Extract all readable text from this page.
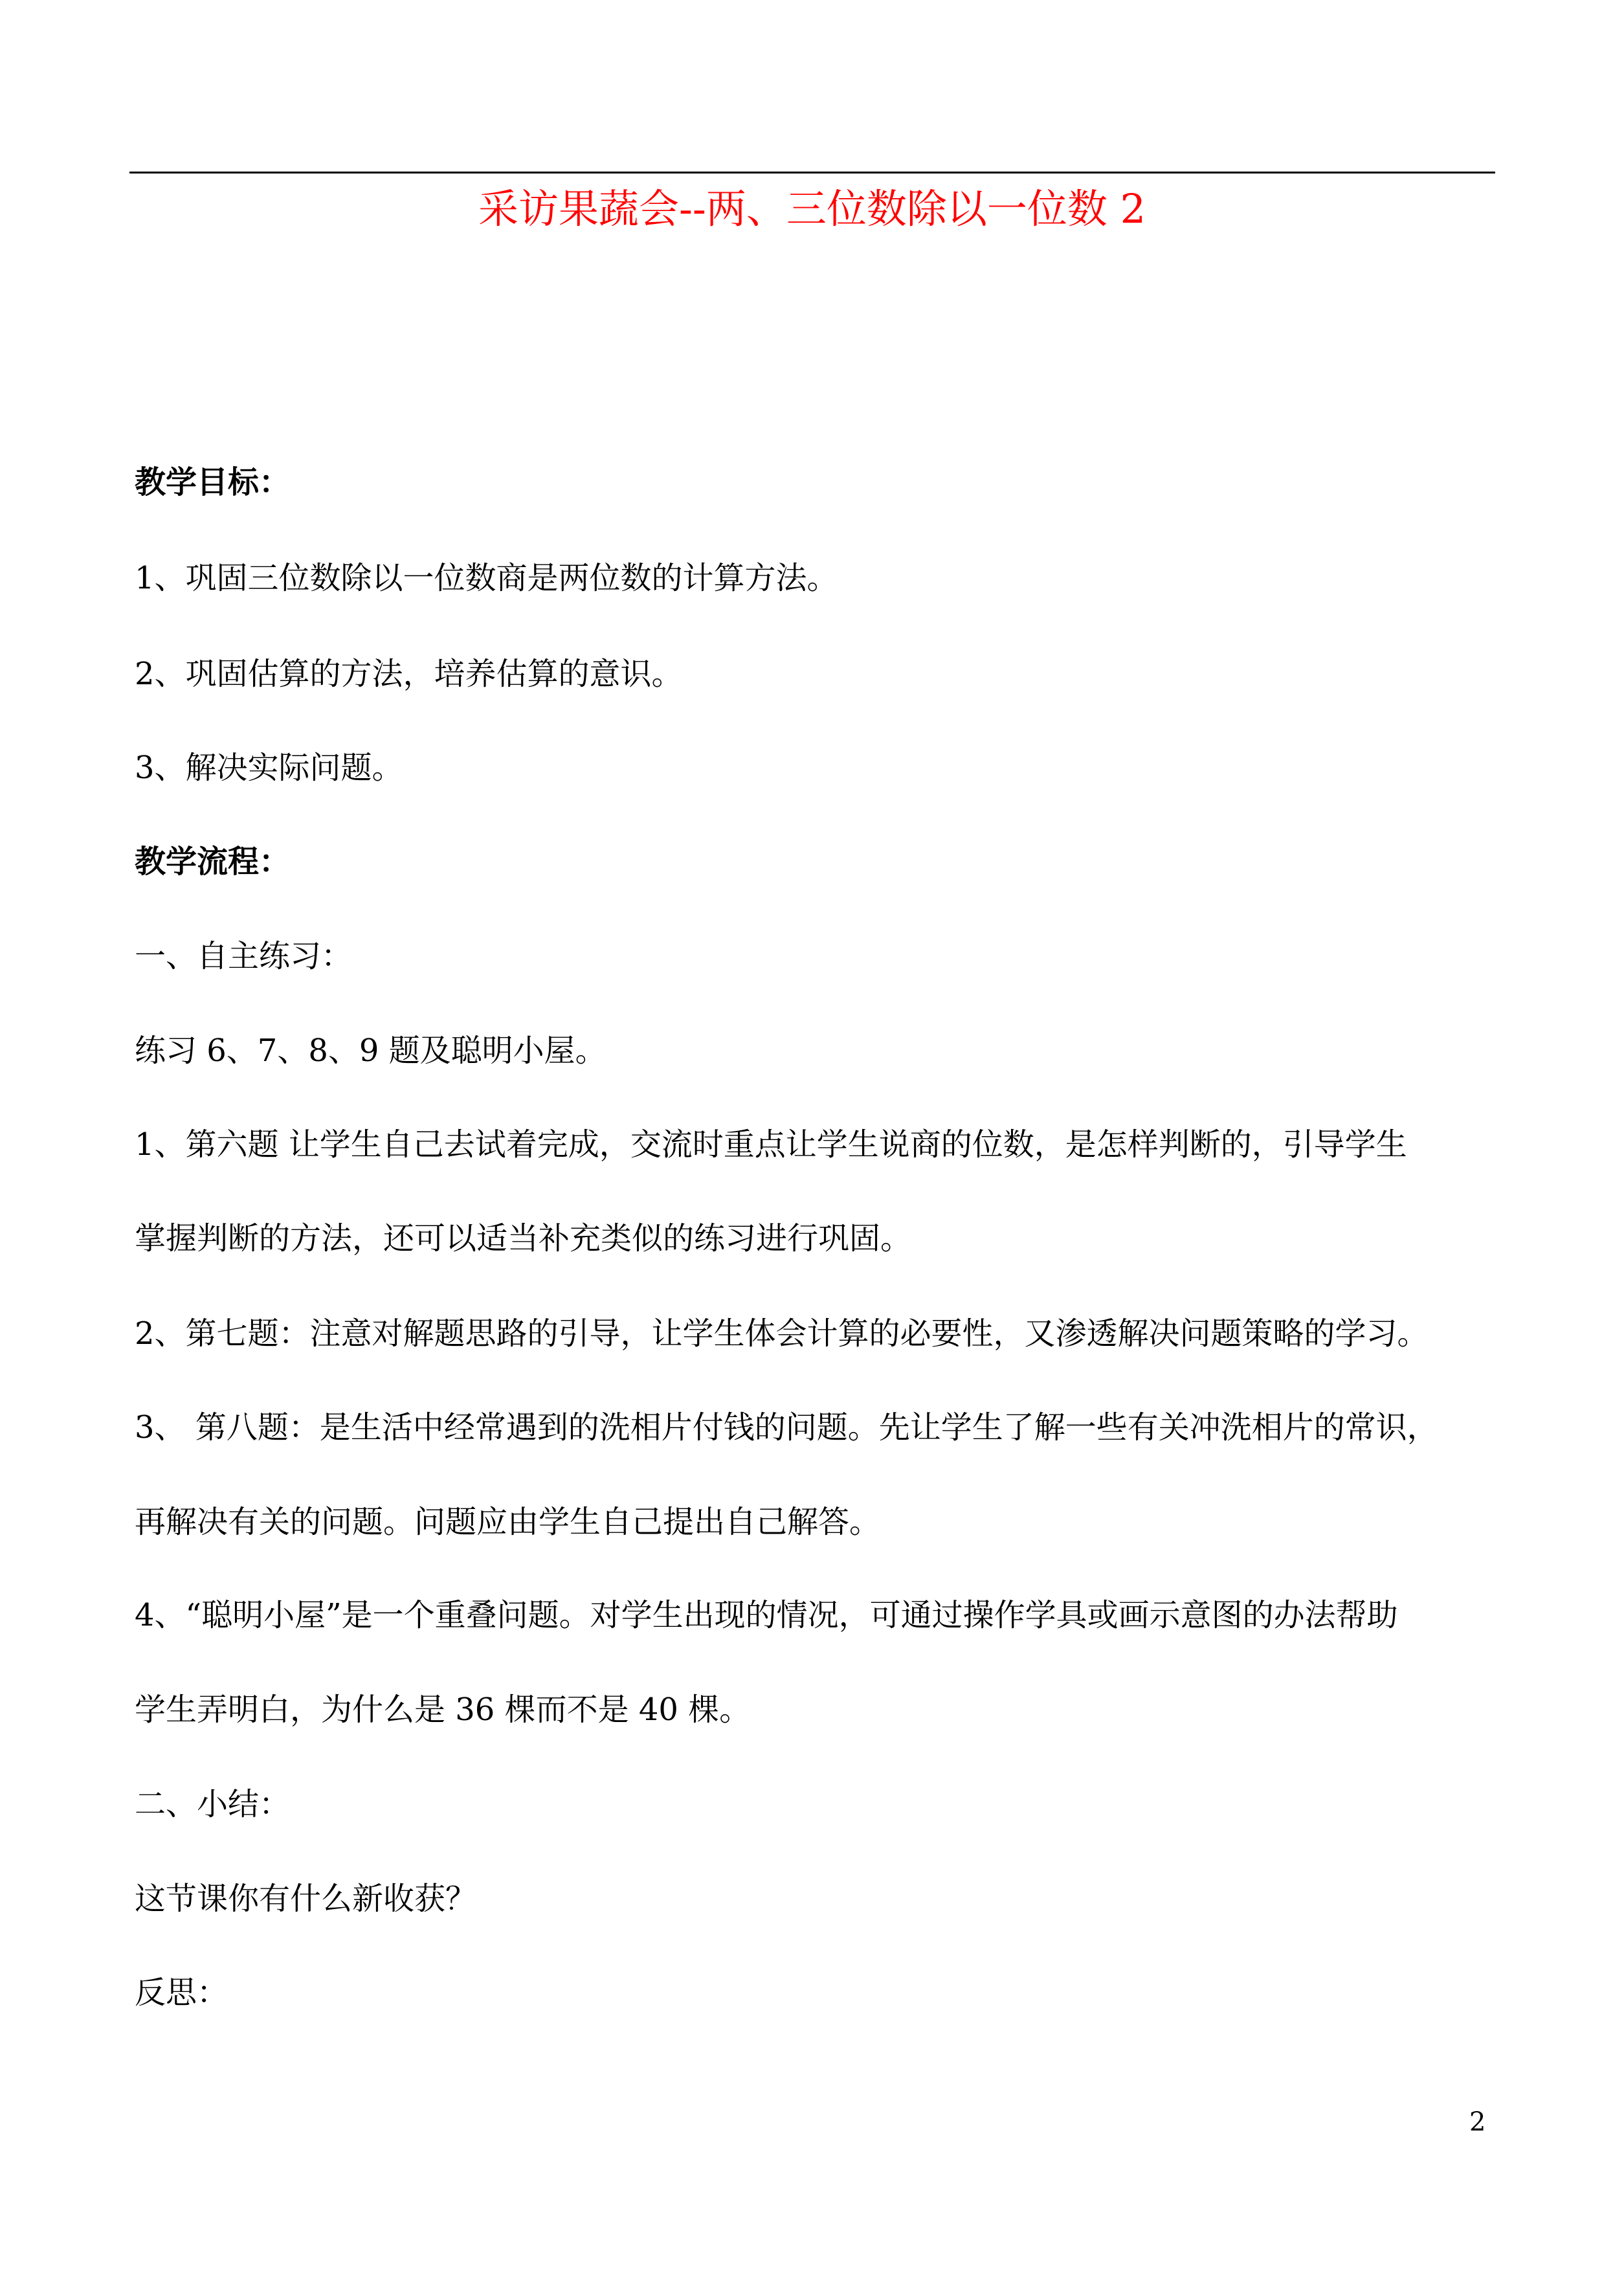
采访果蔬会--两、三位数除以一位数 2
教学目标：
1、巩固三位数除以一位数商是两位数的计算方法。
2、巩固估算的方法，培养估算的意识。
3、解决实际问题。
教学流程：
一、自主练习：
练习 6、7、8、9 题及聪明小屋。
1、第六题 让学生自己去试着完成，交流时重点让学生说商的位数，是怎样判断的，引导学生
掌握判断的方法，还可以适当补充类似的练习进行巩固。
2、第七题：注意对解题思路的引导，让学生体会计算的必要性，又渗透解决问题策略的学习。
3、 第八题：是生活中经常遇到的洗相片付钱的问题。先让学生了解一些有关冲洗相片的常识，
再解决有关的问题。问题应由学生自己提出自己解答。
4、“聪明小屋”是一个重叠问题。对学生出现的情况，可通过操作学具或画示意图的办法帮助
学生弄明白，为什么是 36 棵而不是 40 棵。
二、小结：
这节课你有什么新收获？
反思：
2
